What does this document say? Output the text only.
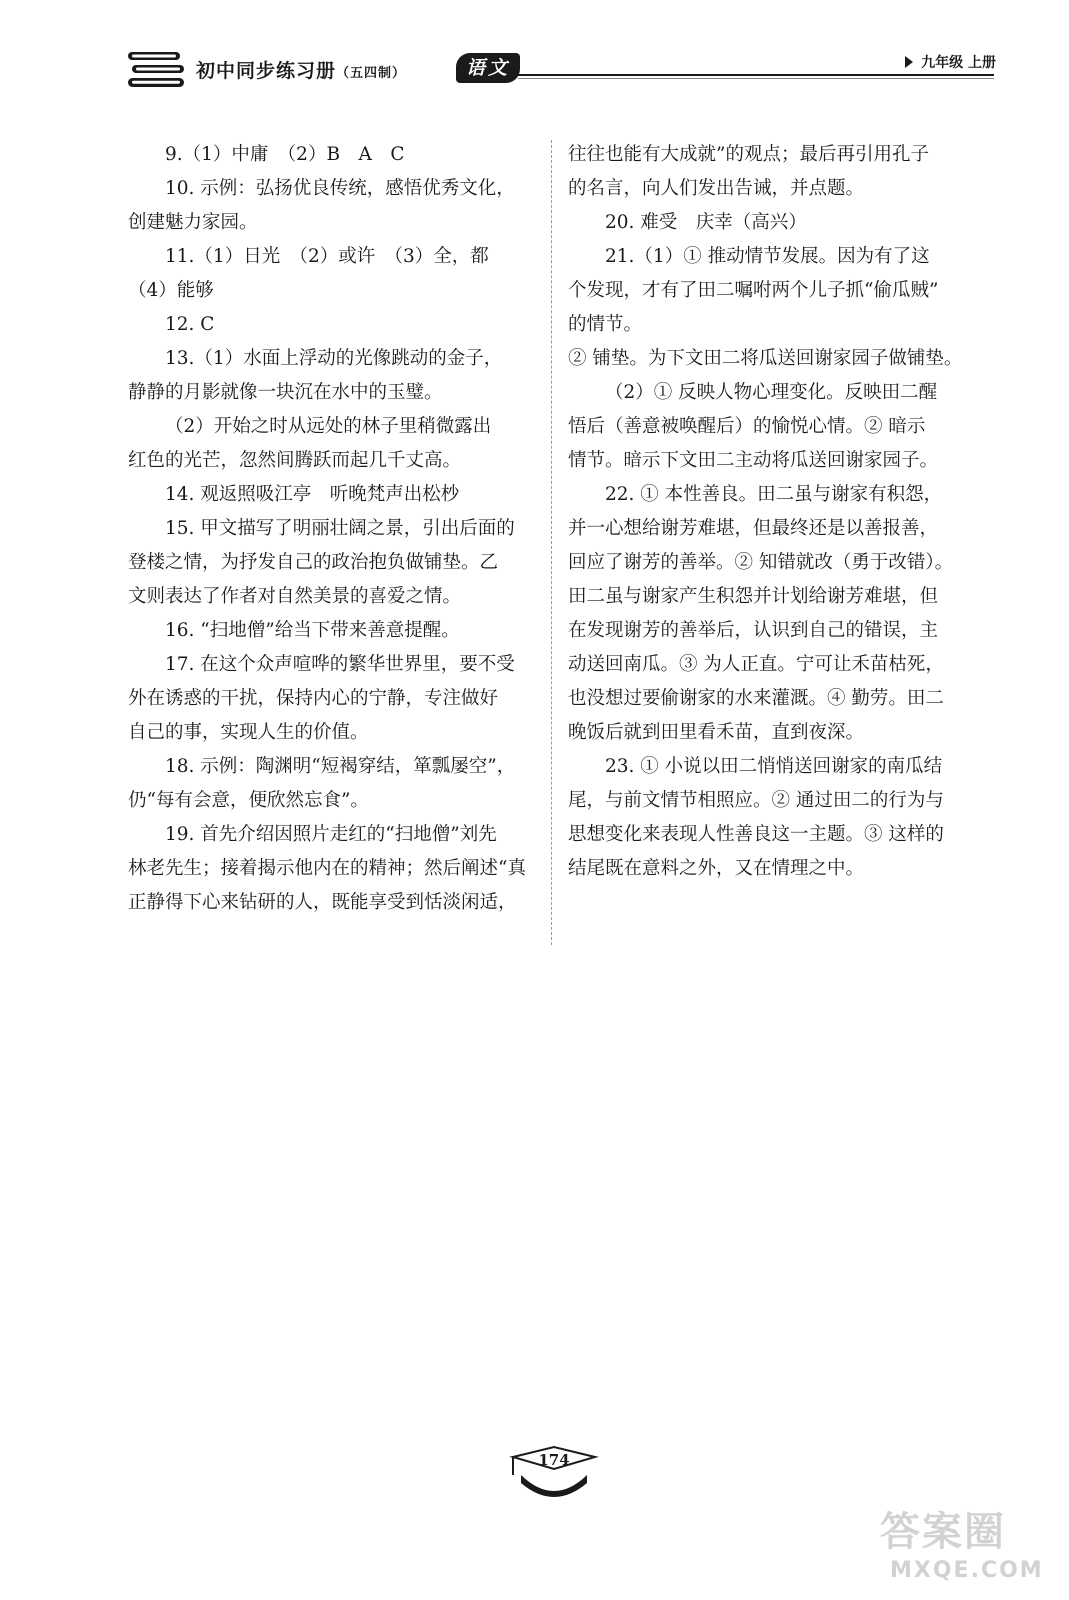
初中同步练习册（五四制）	语文	九年级 上册

9.（1）中庸　（2）B　A　C

10. 示例：弘扬优良传统，感悟优秀文化，

创建魅力家园。

11.（1）日光　（2）或许　（3）全，都

（4）能够

12. C

13.（1）水面上浮动的光像跳动的金子，

静静的月影就像一块沉在水中的玉璧。

（2）开始之时从远处的林子里稍微露出

红色的光芒，忽然间腾跃而起几千丈高。

14. 观返照吸江亭　听晚梵声出松杪

15. 甲文描写了明丽壮阔之景，引出后面的

登楼之情，为抒发自己的政治抱负做铺垫。乙

文则表达了作者对自然美景的喜爱之情。

16. “扫地僧”给当下带来善意提醒。

17. 在这个众声喧哗的繁华世界里，要不受

外在诱惑的干扰，保持内心的宁静，专注做好

自己的事，实现人生的价值。

18. 示例：陶渊明“短褐穿结，箪瓢屡空”，

仍“每有会意，便欣然忘食”。

19. 首先介绍因照片走红的“扫地僧”刘先

林老先生；接着揭示他内在的精神；然后阐述“真

正静得下心来钻研的人，既能享受到恬淡闲适，

往往也能有大成就”的观点；最后再引用孔子

的名言，向人们发出告诫，并点题。

20. 难受　庆幸（高兴）

21.（1）① 推动情节发展。因为有了这

个发现，才有了田二嘱咐两个儿子抓“偷瓜贼”

的情节。

② 铺垫。为下文田二将瓜送回谢家园子做铺垫。

（2）① 反映人物心理变化。反映田二醒

悟后（善意被唤醒后）的愉悦心情。② 暗示

情节。暗示下文田二主动将瓜送回谢家园子。

22. ① 本性善良。田二虽与谢家有积怨，

并一心想给谢芳难堪，但最终还是以善报善，

回应了谢芳的善举。② 知错就改（勇于改错）。

田二虽与谢家产生积怨并计划给谢芳难堪，但

在发现谢芳的善举后，认识到自己的错误，主

动送回南瓜。③ 为人正直。宁可让禾苗枯死，

也没想过要偷谢家的水来灌溉。④ 勤劳。田二

晚饭后就到田里看禾苗，直到夜深。

23. ① 小说以田二悄悄送回谢家的南瓜结

尾，与前文情节相照应。② 通过田二的行为与

思想变化来表现人性善良这一主题。③ 这样的

结尾既在意料之外，又在情理之中。

174
答案圈
MXQE.COM
